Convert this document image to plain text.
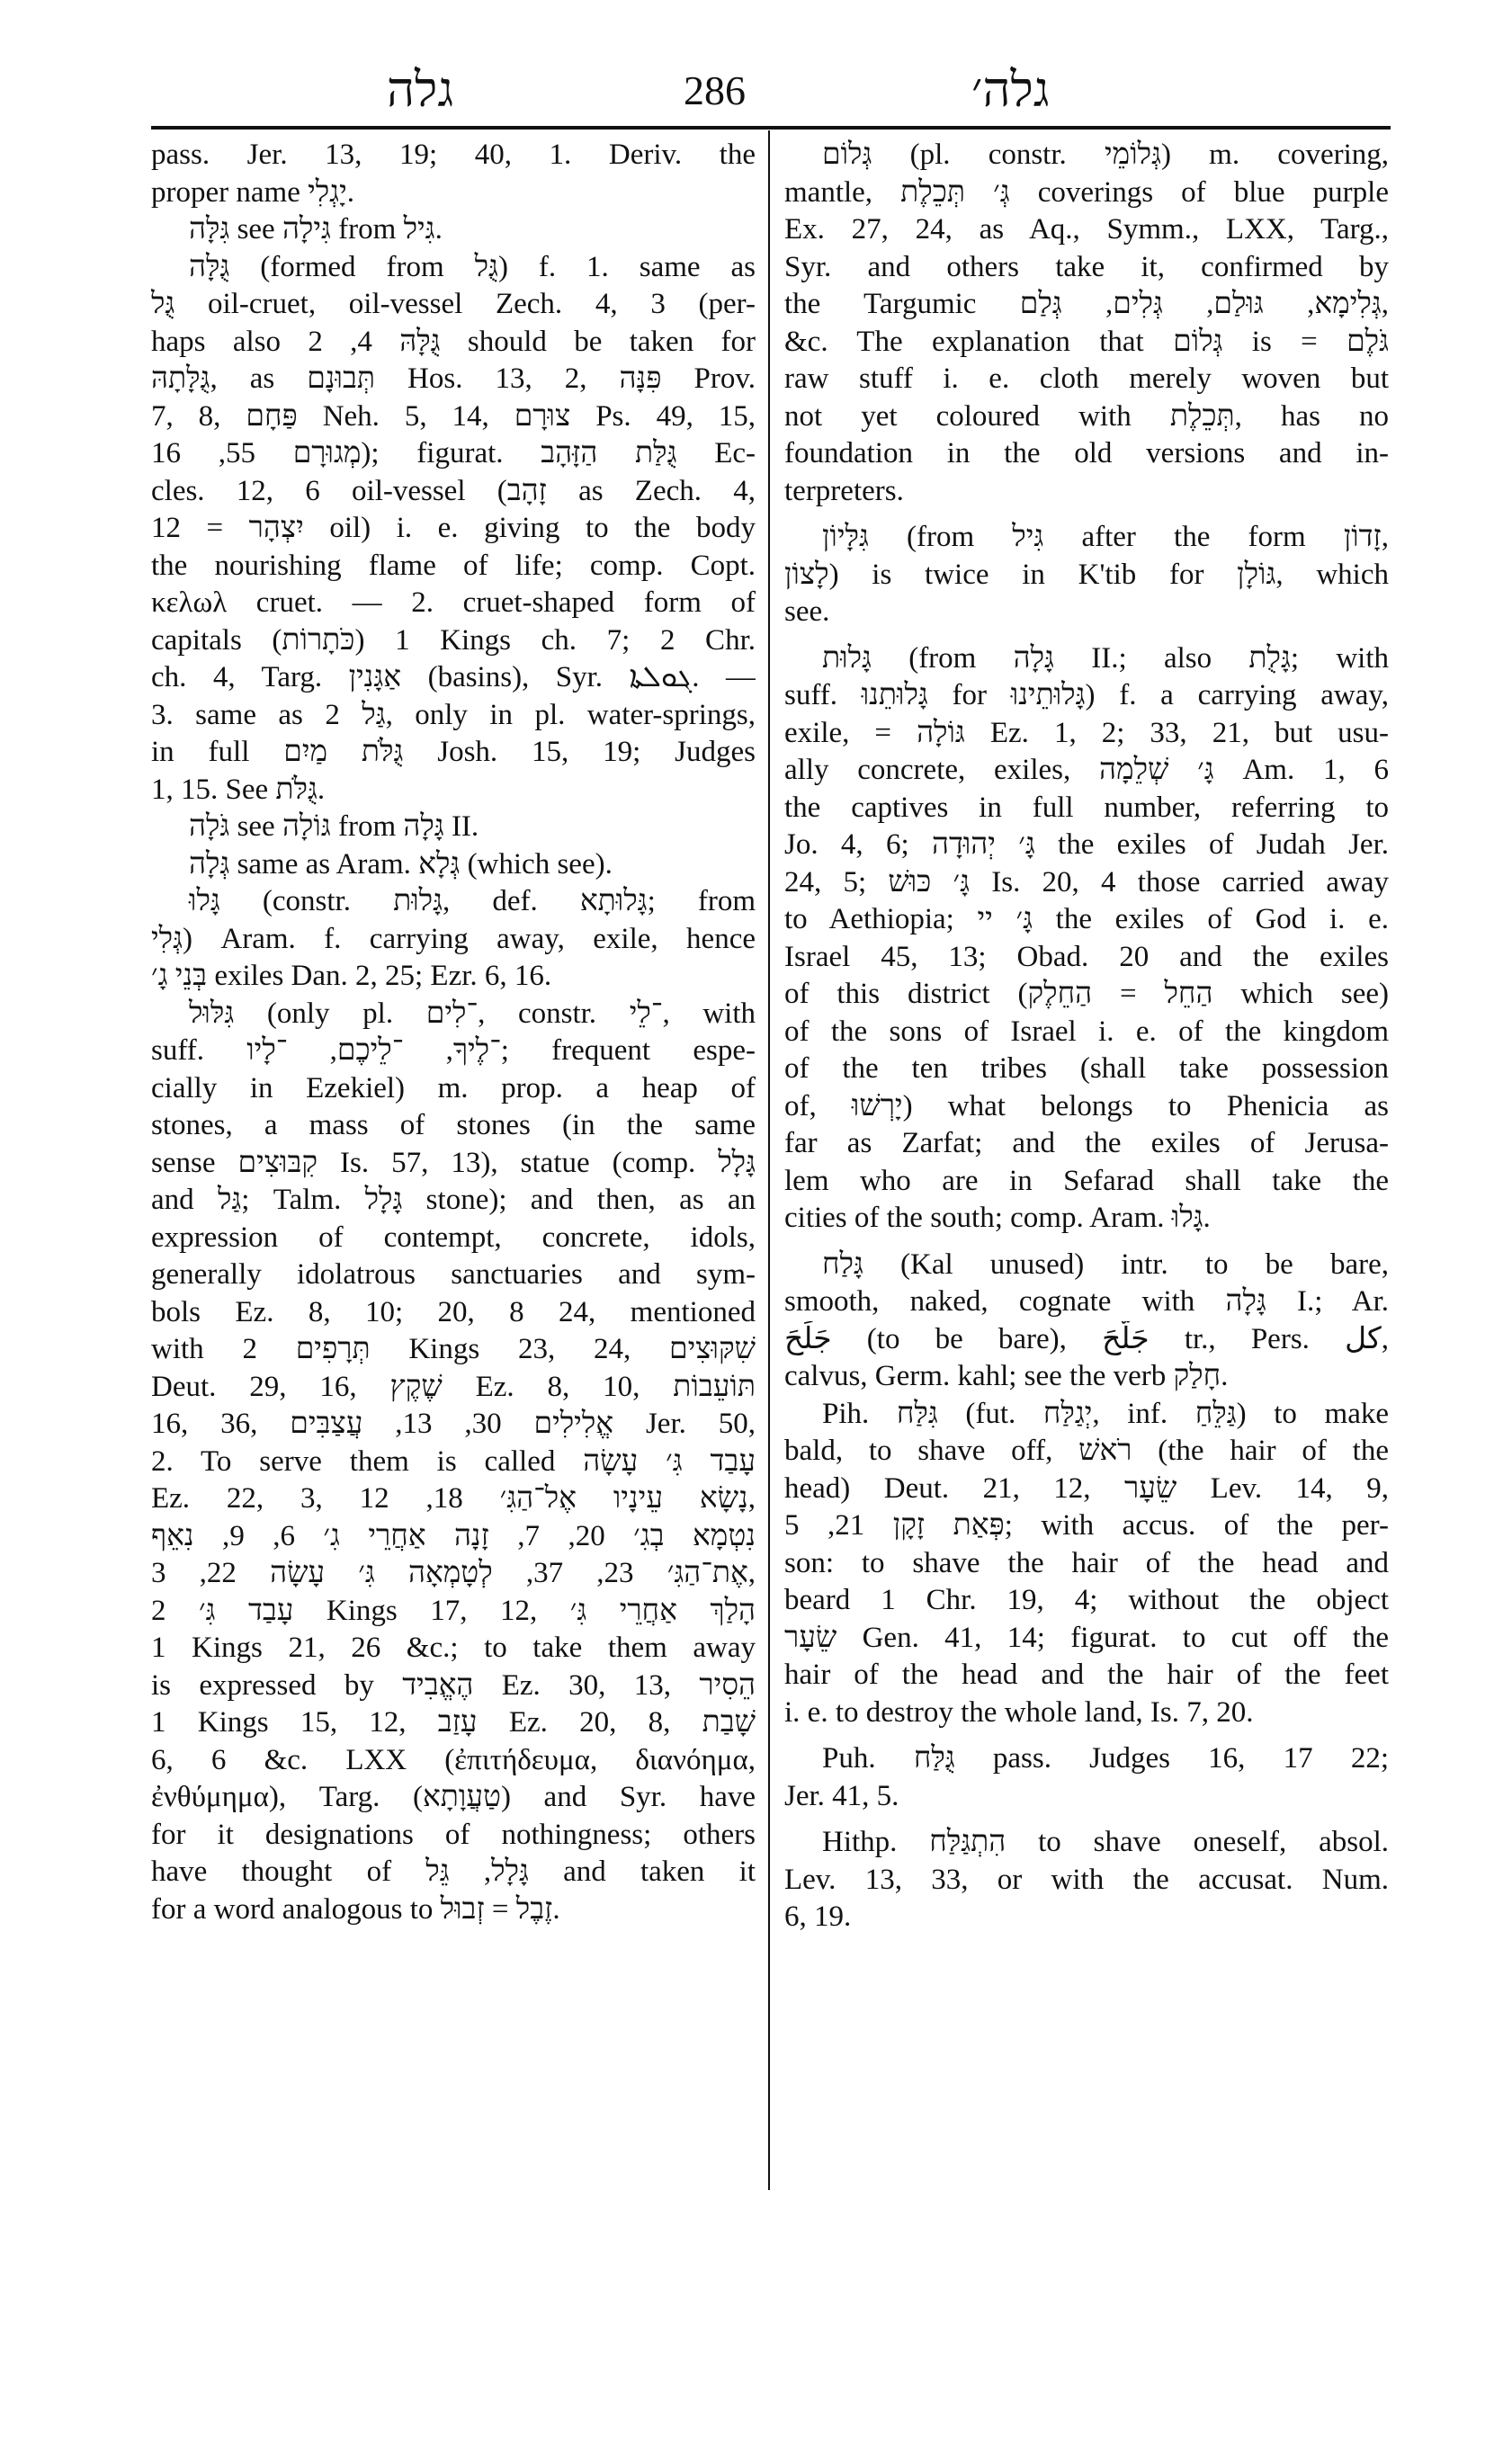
גלה	286	גלה׳
pass. Jer. 13, 19; 40, 1. Deriv. the
proper name יָגְלִי.
גִּלָּה see גִּילָה from גִּיל.
גֻּלָּה (formed from גֻּל) f. 1. same as
גֻּל oil-cruet, oil-vessel Zech. 4, 3 (per-
haps also גֻּלָּהּ 4, 2 should be taken for
גֻּלָּתָהּ, as תְּבוּנָם Hos. 13, 2, פִּנָּה Prov.
7, 8, פַּחָם Neh. 5, 14, צוּרָם Ps. 49, 15,
מְגוּרָם 55, 16); figurat. גֻּלַּת הַזָּהָב Ec-
cles. 12, 6 oil-vessel (זָהָב as Zech. 4,
12 = יִצְהָר oil) i. e. giving to the body
the nourishing flame of life; comp. Copt.
κελωλ cruet. — 2. cruet-shaped form of
capitals (כֹּתָרוֹת) 1 Kings ch. 7; 2 Chr.
ch. 4, Targ. אַגָּנִין (basins), Syr. ܓܘܠܬܐ. —
3. same as גַּל 2, only in pl. water-springs,
in full גֻּלֹּת מַיִם Josh. 15, 19; Judges
1, 15. See גֻּלֹּת.
גֹּלָה see גּוֹלָה from גָּלָה II.
גְּלָה same as Aram. גְּלָא (which see).
גָּלוּ (constr. גָּלוּת, def. גָּלוּתָא; from
גְּלִי) Aram. f. carrying away, exile, hence
בְּנֵי גָ׳ exiles Dan. 2, 25; Ezr. 6, 16.
גִּלּוּל (only pl. ־לִים, constr. ־לֵי, with
suff. ־לֶיךָ, ־לֵיכֶם, ־לָיו; frequent espe-
cially in Ezekiel) m. prop. a heap of
stones, a mass of stones (in the same
sense קִבּוּצִים Is. 57, 13), statue (comp. גָּלָל
and גַּל; Talm. גָּלָל stone); and then, as an
expression of contempt, concrete, idols,
generally idolatrous sanctuaries and sym-
bols Ez. 8, 10; 20, 8 24, mentioned
with תְּרָפִים 2 Kings 23, 24, שִׁקּוּצִים
Deut. 29, 16, שֶׁקֶץ Ez. 8, 10, תּוֹעֵבוֹת
16, 36, אֱלִילִים 30, 13, עֲצַבִּים Jer. 50,
2. To serve them is called עָבַד גִּ׳ עָשָׂה
Ez. 22, 3, נָשָׂא עֵינָיו אֶל־הַגִּ׳ 18, 12,
נִטְמָא בְגִ׳ 20, 7, זָנָה אַחֲרֵי גִ׳ 6, 9, נִאֵף
אֶת־הַגִּ׳ 23, 37, לְטָמְאָה גִּ׳ עָשָׂה 22, 3,
עָבַד גִּ׳ 2 Kings 17, 12, הָלַךְ אַחֲרֵי גִּ׳
1 Kings 21, 26 &c.; to take them away
is expressed by הֶאֱבִיד Ez. 30, 13, הֵסִיר
1 Kings 15, 12, עָזַב Ez. 20, 8, שָׁבַת
6, 6 &c. LXX (ἐπιτήδευμα, διανόημα,
ἐνθύμημα), Targ. (טַעֲוָתָא) and Syr. have
for it designations of nothingness; others
have thought of גָּלָל, גֵּל and taken it
for a word analogous to זֶבֶל = זְבוּל.
גְּלוֹם (pl. constr. גְּלוֹמֵי) m. covering,
mantle, גְּ׳ תְּכֵלֶת coverings of blue purple
Ex. 27, 24, as Aq., Symm., LXX, Targ.,
Syr. and others take it, confirmed by
the Targumic גְּלִימָא, גּוּלַם, גְּלִים, גְּלַם,
&c. The explanation that גְּלוֹם is = גֹּלֶם
raw stuff i. e. cloth merely woven but
not yet coloured with תְּכֵלֶת, has no
foundation in the old versions and in-
terpreters.
גִּלָּיוֹן (from גִּיל after the form זָדוֹן,
לָצוֹן) is twice in K'tib for גּוֹלָן, which
see.
גָּלוּת (from גָּלָה II.; also גָּלֻת; with
suff. גָּלוּתֵנוּ for גָּלוּתֵינוּ) f. a carrying away,
exile, = גּוֹלָה Ez. 1, 2; 33, 21, but usu-
ally concrete, exiles, גָּ׳ שְׁלֵמָה Am. 1, 6
the captives in full number, referring to
Jo. 4, 6; גָּ׳ יְהוּדָה the exiles of Judah Jer.
24, 5; גָּ׳ כּוּשׁ Is. 20, 4 those carried away
to Aethiopia; גָּ׳ יי the exiles of God i. e.
Israel 45, 13; Obad. 20 and the exiles
of this district (הַחֵל = הַחֵלֶק which see)
of the sons of Israel i. e. of the kingdom
of the ten tribes (shall take possession
of, יָרְשׁוּ) what belongs to Phenicia as
far as Zarfat; and the exiles of Jerusa-
lem who are in Sefarad shall take the
cities of the south; comp. Aram. גָּלוּ.
גָּלַח (Kal unused) intr. to be bare,
smooth, naked, cognate with גָּלָה I.; Ar.
جَلَحَ (to be bare), جَلَّحَ tr., Pers. كل,
calvus, Germ. kahl; see the verb חָלַק.
Pih. גִּלַּח (fut. יְגַלַּח, inf. גַּלֵּחַ) to make
bald, to shave off, רֹאשׁ (the hair of the
head) Deut. 21, 12, שֵׂעָר Lev. 14, 9,
פְּאַת זָקָן 21, 5; with accus. of the per-
son: to shave the hair of the head and
beard 1 Chr. 19, 4; without the object
שֵׂעָר Gen. 41, 14; figurat. to cut off the
hair of the head and the hair of the feet
i. e. to destroy the whole land, Is. 7, 20.
Puh. גֻּלַּח pass. Judges 16, 17 22;
Jer. 41, 5.
Hithp. הִתְגַּלַּח to shave oneself, absol.
Lev. 13, 33, or with the accusat. Num.
6, 19.
